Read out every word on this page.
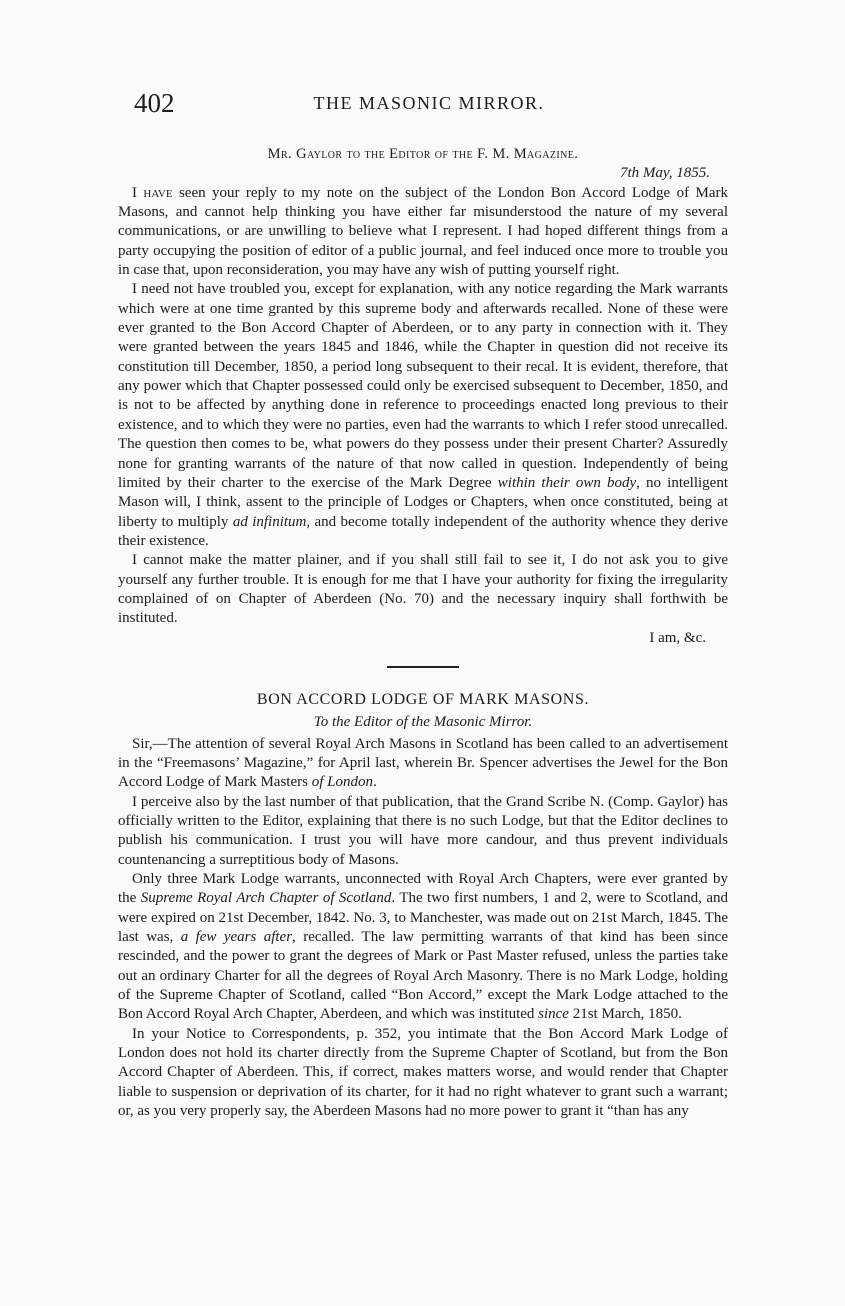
402	THE MASONIC MIRROR.

Mr. Gaylor to the Editor of the F. M. Magazine.

7th May, 1855.

I have seen your reply to my note on the subject of the London Bon Accord Lodge of Mark Masons, and cannot help thinking you have either far misunderstood the nature of my several communications, or are unwilling to believe what I represent. I had hoped different things from a party occupying the position of editor of a public journal, and feel induced once more to trouble you in case that, upon reconsideration, you may have any wish of putting yourself right.

I need not have troubled you, except for explanation, with any notice regarding the Mark warrants which were at one time granted by this supreme body and afterwards recalled. None of these were ever granted to the Bon Accord Chapter of Aberdeen, or to any party in connection with it. They were granted between the years 1845 and 1846, while the Chapter in question did not receive its constitution till December, 1850, a period long subsequent to their recal. It is evident, therefore, that any power which that Chapter possessed could only be exercised subsequent to December, 1850, and is not to be affected by anything done in reference to proceedings enacted long previous to their existence, and to which they were no parties, even had the warrants to which I refer stood unrecalled. The question then comes to be, what powers do they possess under their present Charter? Assuredly none for granting warrants of the nature of that now called in question. Independently of being limited by their charter to the exercise of the Mark Degree within their own body, no intelligent Mason will, I think, assent to the principle of Lodges or Chapters, when once constituted, being at liberty to multiply ad infinitum, and become totally independent of the authority whence they derive their existence.

I cannot make the matter plainer, and if you shall still fail to see it, I do not ask you to give yourself any further trouble. It is enough for me that I have your authority for fixing the irregularity complained of on Chapter of Aberdeen (No. 70) and the necessary inquiry shall forthwith be instituted.

I am, &c.

BON ACCORD LODGE OF MARK MASONS.

To the Editor of the Masonic Mirror.

Sir,—The attention of several Royal Arch Masons in Scotland has been called to an advertisement in the “Freemasons’ Magazine,” for April last, wherein Br. Spencer advertises the Jewel for the Bon Accord Lodge of Mark Masters of London.

I perceive also by the last number of that publication, that the Grand Scribe N. (Comp. Gaylor) has officially written to the Editor, explaining that there is no such Lodge, but that the Editor declines to publish his communication. I trust you will have more candour, and thus prevent individuals countenancing a surreptitious body of Masons.

Only three Mark Lodge warrants, unconnected with Royal Arch Chapters, were ever granted by the Supreme Royal Arch Chapter of Scotland. The two first numbers, 1 and 2, were to Scotland, and were expired on 21st December, 1842. No. 3, to Manchester, was made out on 21st March, 1845. The last was, a few years after, recalled. The law permitting warrants of that kind has been since rescinded, and the power to grant the degrees of Mark or Past Master refused, unless the parties take out an ordinary Charter for all the degrees of Royal Arch Masonry. There is no Mark Lodge, holding of the Supreme Chapter of Scotland, called “Bon Accord,” except the Mark Lodge attached to the Bon Accord Royal Arch Chapter, Aberdeen, and which was instituted since 21st March, 1850.

In your Notice to Correspondents, p. 352, you intimate that the Bon Accord Mark Lodge of London does not hold its charter directly from the Supreme Chapter of Scotland, but from the Bon Accord Chapter of Aberdeen. This, if correct, makes matters worse, and would render that Chapter liable to suspension or deprivation of its charter, for it had no right whatever to grant such a warrant; or, as you very properly say, the Aberdeen Masons had no more power to grant it “than has any
